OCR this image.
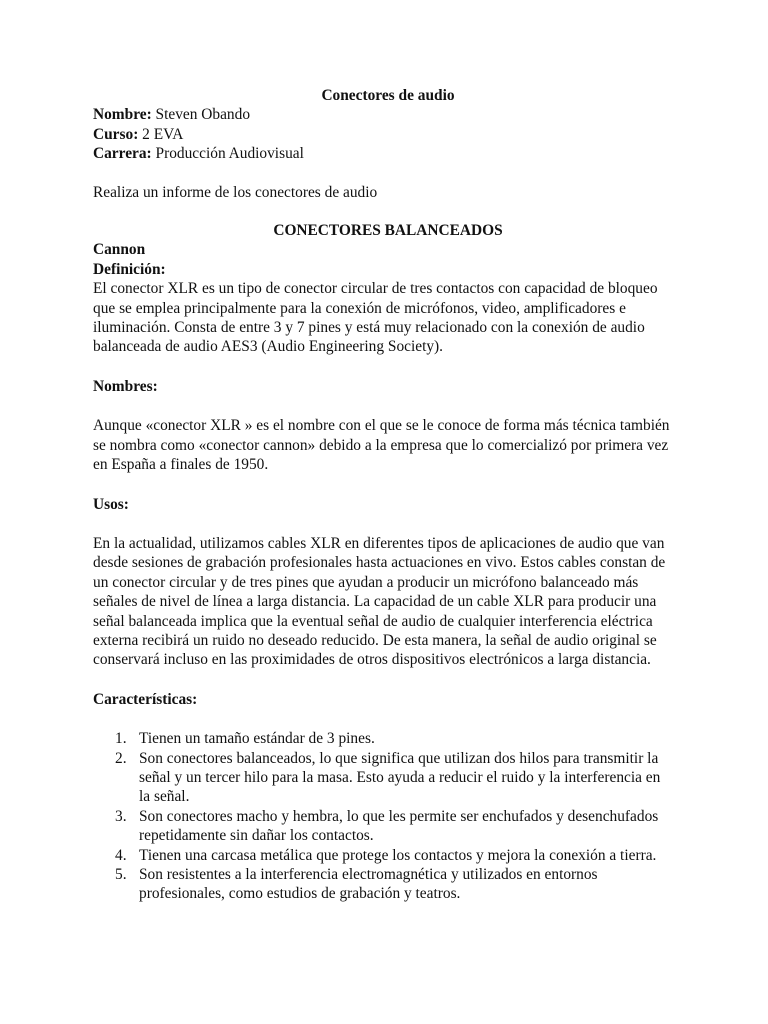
Conectores de audio
Nombre: Steven Obando
Curso: 2 EVA
Carrera: Producción Audiovisual
Realiza un informe de los conectores de audio
CONECTORES BALANCEADOS
Cannon
Definición:
El conector XLR es un tipo de conector circular de tres contactos con capacidad de bloqueo
que se emplea principalmente para la conexión de micrófonos, video, amplificadores e
iluminación. Consta de entre 3 y 7 pines y está muy relacionado con la conexión de audio
balanceada de audio AES3 (Audio Engineering Society).
Nombres:
Aunque «conector XLR » es el nombre con el que se le conoce de forma más técnica también
se nombra como «conector cannon» debido a la empresa que lo comercializó por primera vez
en España a finales de 1950.
Usos:
En la actualidad, utilizamos cables XLR en diferentes tipos de aplicaciones de audio que van
desde sesiones de grabación profesionales hasta actuaciones en vivo. Estos cables constan de
un conector circular y de tres pines que ayudan a producir un micrófono balanceado más
señales de nivel de línea a larga distancia. La capacidad de un cable XLR para producir una
señal balanceada implica que la eventual señal de audio de cualquier interferencia eléctrica
externa recibirá un ruido no deseado reducido. De esta manera, la señal de audio original se
conservará incluso en las proximidades de otros dispositivos electrónicos a larga distancia.
Características:
1. Tienen un tamaño estándar de 3 pines.
2. Son conectores balanceados, lo que significa que utilizan dos hilos para transmitir la
señal y un tercer hilo para la masa. Esto ayuda a reducir el ruido y la interferencia en
la señal.
3. Son conectores macho y hembra, lo que les permite ser enchufados y desenchufados
repetidamente sin dañar los contactos.
4. Tienen una carcasa metálica que protege los contactos y mejora la conexión a tierra.
5. Son resistentes a la interferencia electromagnética y utilizados en entornos
profesionales, como estudios de grabación y teatros.
